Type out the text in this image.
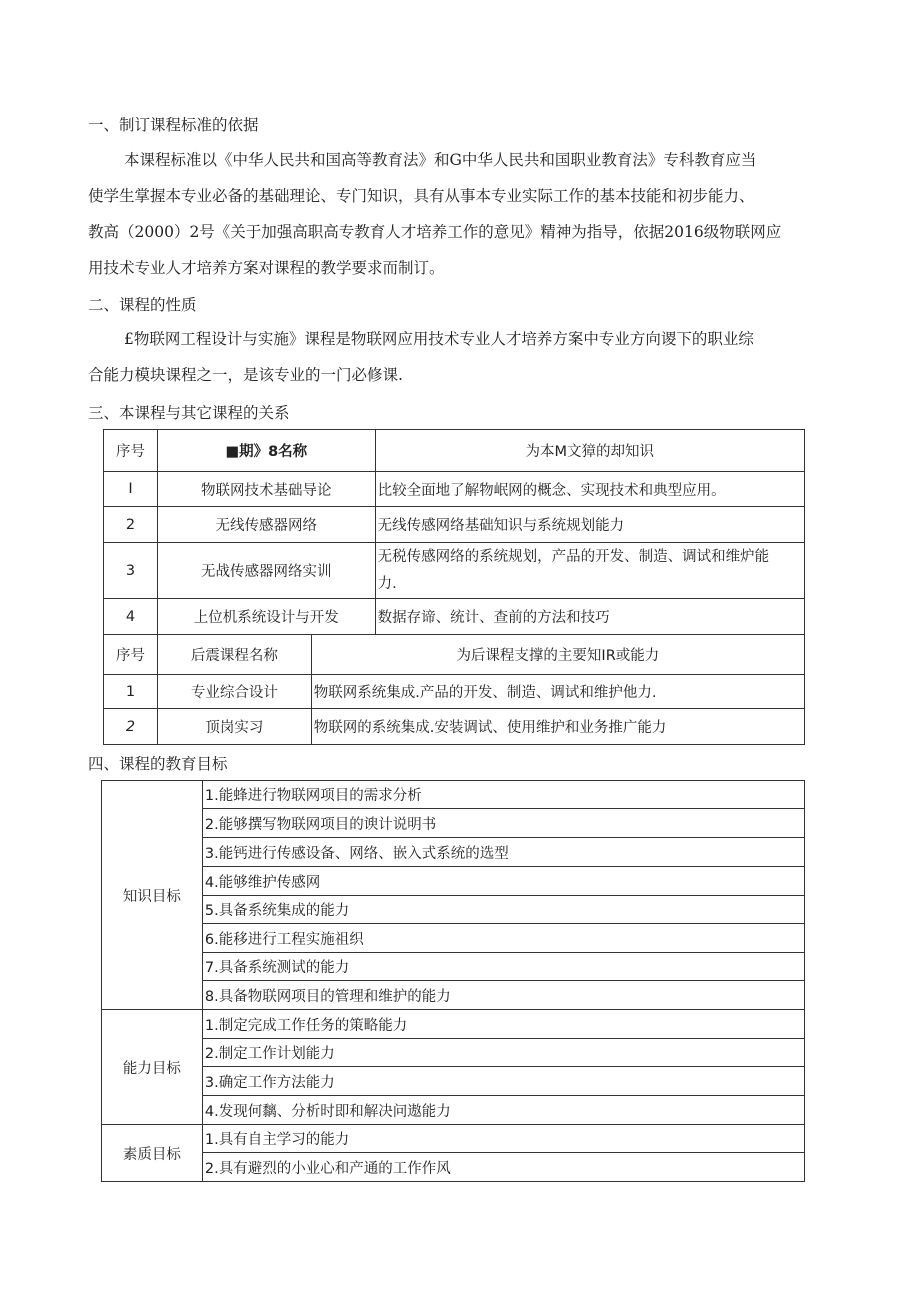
一、制订课程标准的依据
本课程标准以《中华人民共和国高等教育法》和G中华人民共和国职业教育法》专科教育应当
使学生掌握本专业必备的基础理论、专门知识，具有从事本专业实际工作的基本技能和初步能力、
教高（2000）2号《关于加强高职高专教育人才培养工作的意见》精神为指导，依据2016级物联网应
用技术专业人才培养方案对课程的教学要求而制订。
二、课程的性质
£物联网工程设计与实施》课程是物联网应用技术专业人才培养方案中专业方向谡下的职业综
合能力模块课程之一，是该专业的一门必修课.
三、本课程与其它课程的关系
序号	■期》8名称		为本M文獐的却知识
I	物联网技术基础导论		比较全面地了解物岷网的概念、实现技术和典型应用。
2	无线传感器网络		无线传感网络基础知识与系统规划能力
3	无战传感器网络实训		无税传感网络的系统规划，产品的开发、制造、调试和维炉能
力.
4	上位机系统设计与开发		数据存谛、统计、查前的方法和技巧
序号	后震课程名称	为后课程支撑的主要知IR或能力	
1	专业综合设计	物联网系统集成.产品的开发、制造、调试和维护他力.	
2	顶岗实习	物联网的系统集成.安装调试、使用维护和业务推广能力	
四、课程的教育目标
知识目标	1.能蜂进行物联网项目的需求分析
	2.能够撰写物联网项目的谀计说明书
	3.能钙进行传感设备、网络、嵌入式系统的选型
	4.能够维护传感网
	5.具备系统集成的能力
	6.能移进行工程实施祖织
	7.具备系统测试的能力
	8.具备物联网项目的管理和维护的能力
能力目标	1.制定完成工作任务的策略能力
	2.制定工作计划能力
	3.确定工作方法能力
	4.发现何黐、分析时即和解决问遨能力
素质目标	1.具有自主学习的能力
	2.具有避烈的小业心和产通的工作作风
